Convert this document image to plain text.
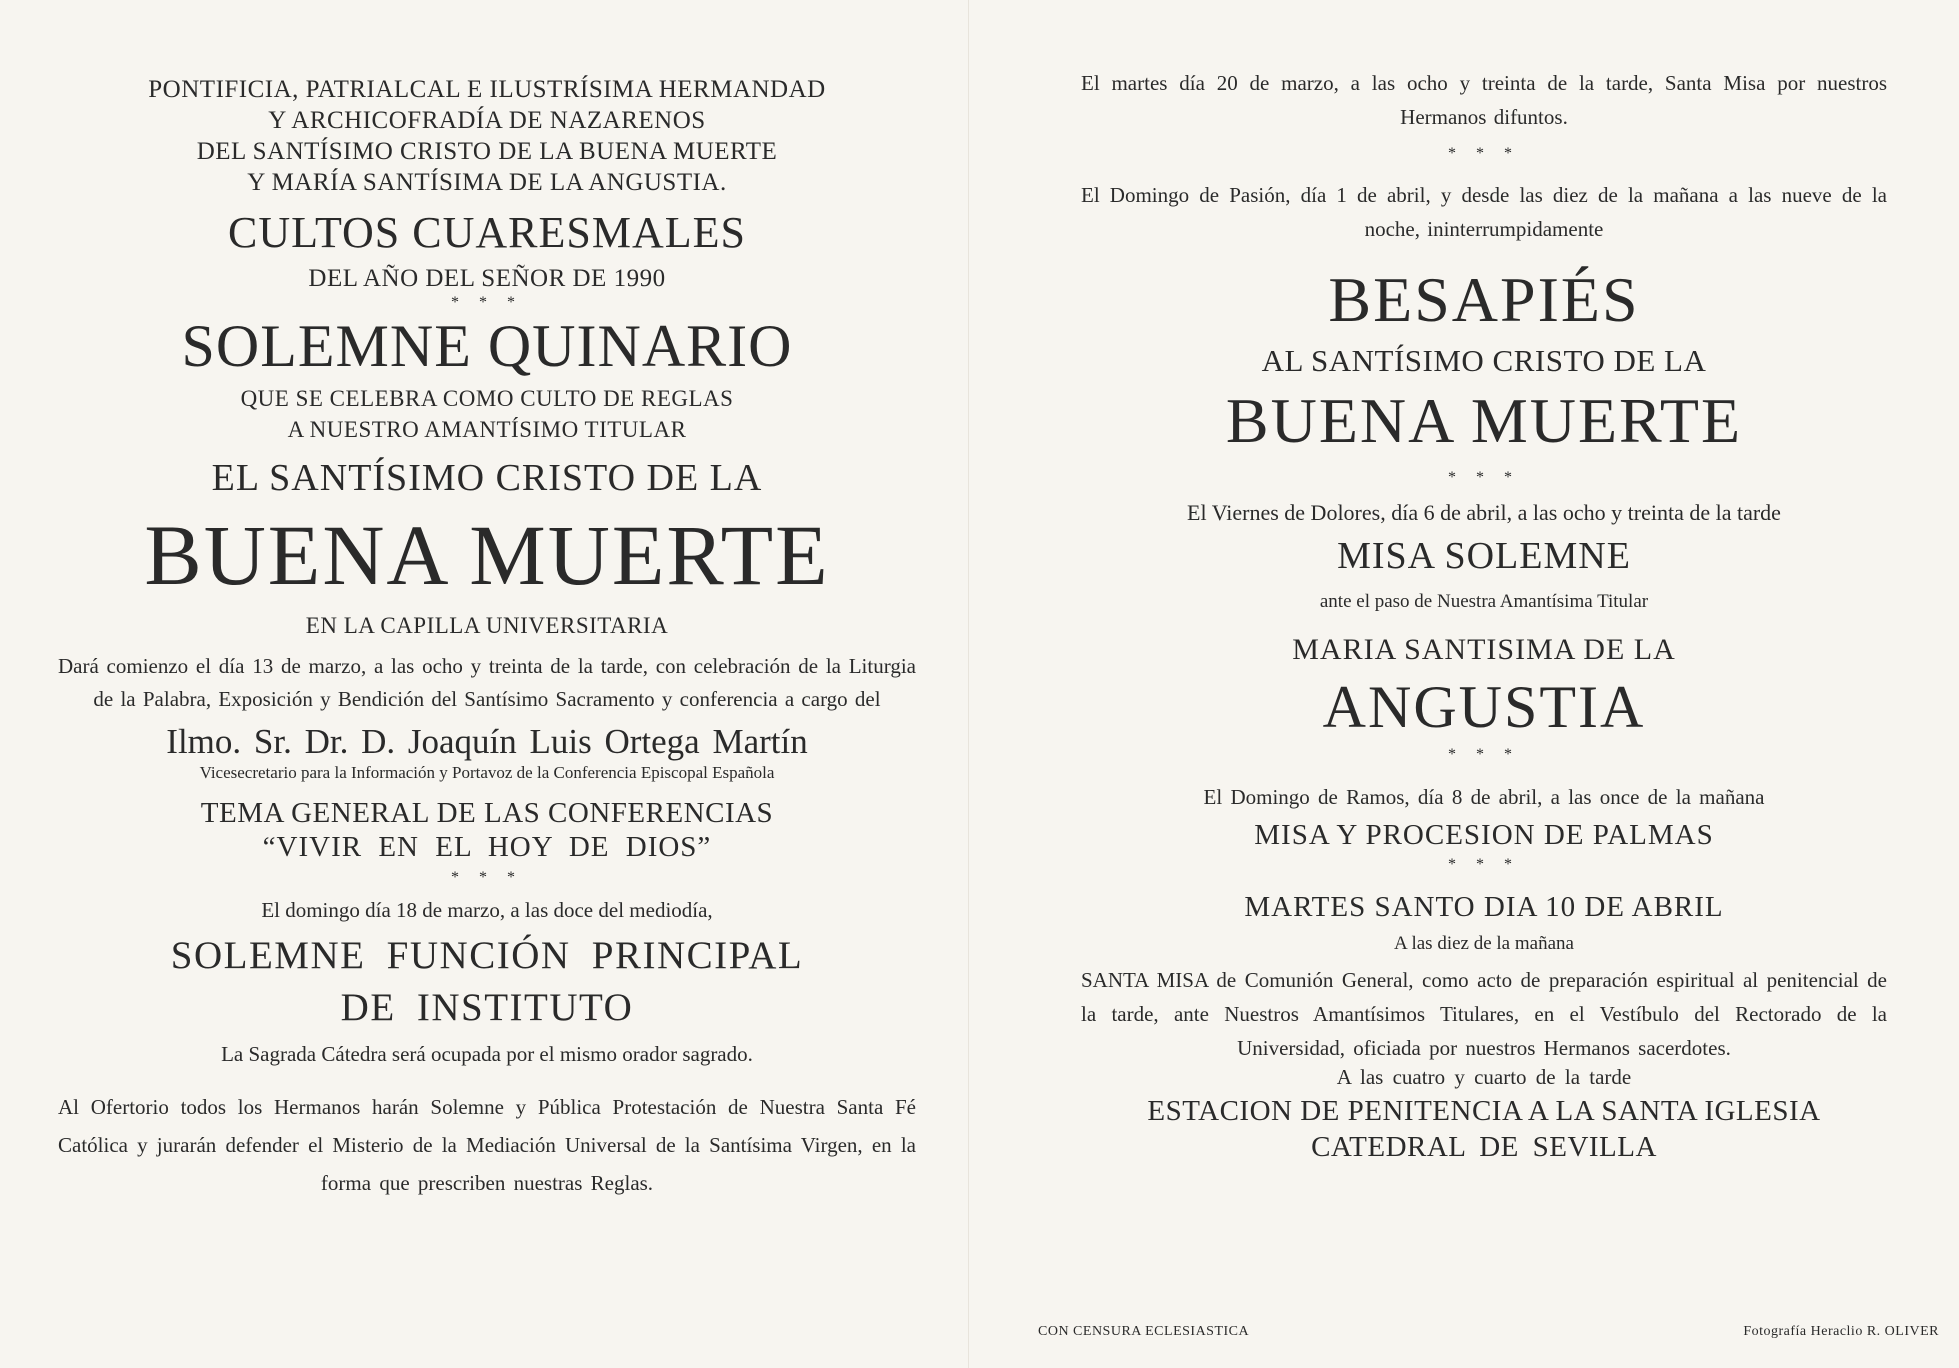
PONTIFICIA, PATRIALCAL E ILUSTRÍSIMA HERMANDAD

Y ARCHICOFRADÍA DE NAZARENOS

DEL SANTÍSIMO CRISTO DE LA BUENA MUERTE

Y MARÍA SANTÍSIMA DE LA ANGUSTIA.

CULTOS CUARESMALES

DEL AÑO DEL SEÑOR DE 1990

* * *

SOLEMNE QUINARIO

QUE SE CELEBRA COMO CULTO DE REGLAS

A NUESTRO AMANTÍSIMO TITULAR

EL SANTÍSIMO CRISTO DE LA

BUENA MUERTE

EN LA CAPILLA UNIVERSITARIA

Dará comienzo el día 13 de marzo, a las ocho y treinta de la tarde, con celebración de la Liturgia de la Palabra, Exposición y Bendición del Santísimo Sacramento y conferencia a cargo del

Ilmo. Sr. Dr. D. Joaquín Luis Ortega Martín

Vicesecretario para la Información y Portavoz de la Conferencia Episcopal Española

TEMA GENERAL DE LAS CONFERENCIAS

“VIVIR EN EL HOY DE DIOS”

* * *

El domingo día 18 de marzo, a las doce del mediodía,

SOLEMNE FUNCIÓN PRINCIPAL

DE INSTITUTO

La Sagrada Cátedra será ocupada por el mismo orador sagrado.

Al Ofertorio todos los Hermanos harán Solemne y Pública Protestación de Nuestra Santa Fé Católica y jurarán defender el Misterio de la Mediación Universal de la Santísima Virgen, en la forma que prescriben nuestras Reglas.

El martes día 20 de marzo, a las ocho y treinta de la tarde, Santa Misa por nuestros Hermanos difuntos.

* * *

El Domingo de Pasión, día 1 de abril, y desde las diez de la mañana a las nueve de la noche, ininterrumpidamente

BESAPIÉS

AL SANTÍSIMO CRISTO DE LA

BUENA MUERTE

* * *

El Viernes de Dolores, día 6 de abril, a las ocho y treinta de la tarde

MISA SOLEMNE

ante el paso de Nuestra Amantísima Titular

MARIA SANTISIMA DE LA

ANGUSTIA

* * *

El Domingo de Ramos, día 8 de abril, a las once de la mañana

MISA Y PROCESION DE PALMAS

* * *

MARTES SANTO DIA 10 DE ABRIL

A las diez de la mañana

SANTA MISA de Comunión General, como acto de preparación espiritual al penitencial de la tarde, ante Nuestros Amantísimos Titulares, en el Vestíbulo del Rectorado de la Universidad, oficiada por nuestros Hermanos sacerdotes.

A las cuatro y cuarto de la tarde

ESTACION DE PENITENCIA A LA SANTA IGLESIA

CATEDRAL DE SEVILLA

CON CENSURA ECLESIASTICA	Fotografía Heraclio R. OLIVER
